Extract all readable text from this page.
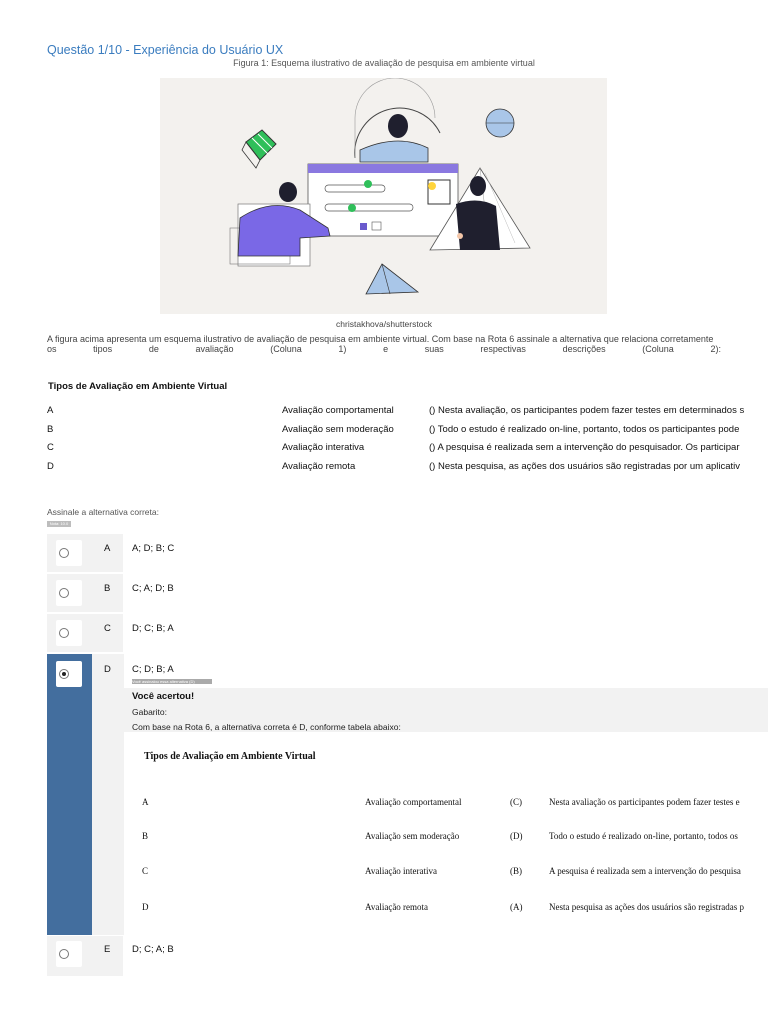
Questão 1/10 - Experiência do Usuário UX
Figura 1: Esquema ilustrativo de avaliação de pesquisa em ambiente virtual
christakhova/shutterstock
A figura acima apresenta um esquema ilustrativo de avaliação de pesquisa em ambiente virtual. Com base na Rota 6 assinale a alternativa que relaciona corretamente
os	tipos	de	avaliação	(Coluna	1)	e	suas	respectivas	descrições	(Coluna	2):
Tipos de Avaliação em Ambiente Virtual
A	Avaliação comportamental	() Nesta avaliação, os participantes podem fazer testes em determinados s
B	Avaliação sem moderação	() Todo o estudo é realizado on-line, portanto, todos os participantes pode
C	Avaliação interativa	() A pesquisa é realizada sem a intervenção do pesquisador. Os participar
D	Avaliação remota	() Nesta pesquisa, as ações dos usuários são registradas por um aplicativ
Assinale a alternativa correta:
Nota: 10.0
A A; D; B; C
B C; A; D; B
C D; C; B; A
D C; D; B; A
Você assinalou essa alternativa (D)
Você acertou!
Gabarito:
Com base na Rota 6, a alternativa correta é D, conforme tabela abaixo:
Tipos de Avaliação em Ambiente Virtual
A	Avaliação comportamental	(C)	Nesta avaliação os participantes podem fazer testes e
B	Avaliação sem moderação	(D)	Todo o estudo é realizado on-line, portanto, todos os
C	Avaliação interativa	(B)	A pesquisa é realizada sem a intervenção do pesquisa
D	Avaliação remota	(A)	Nesta pesquisa as ações dos usuários são registradas p
E D; C; A; B
